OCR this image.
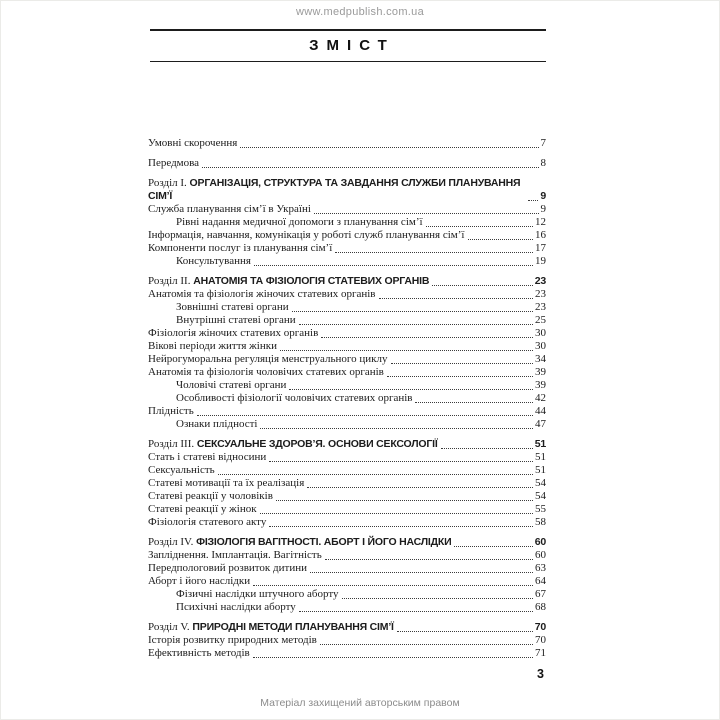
www.medpublish.com.ua
ЗМІСТ
Умовні скорочення	7
Передмова	8
Розділ I. ОРГАНІЗАЦІЯ, СТРУКТУРА ТА ЗАВДАННЯ СЛУЖБИ ПЛАНУВАННЯ СІМ’Ї	9
Служба планування сім’ї в Україні	9
Рівні надання медичної допомоги з планування сім’ї	12
Інформація, навчання, комунікація у роботі служб планування сім’ї	16
Компоненти послуг із планування сім’ї	17
Консультування	19
Розділ II. АНАТОМІЯ ТА ФІЗІОЛОГІЯ СТАТЕВИХ ОРГАНІВ	23
Анатомія та фізіологія жіночих статевих органів	23
Зовнішні статеві органи	23
Внутрішні статеві органи	25
Фізіологія жіночих статевих органів	30
Вікові періоди життя жінки	30
Нейрогуморальна регуляція менструального циклу	34
Анатомія та фізіологія чоловічих статевих органів	39
Чоловічі статеві органи	39
Особливості фізіології чоловічих статевих органів	42
Плідність	44
Ознаки плідності	47
Розділ III. СЕКСУАЛЬНЕ ЗДОРОВ’Я. ОСНОВИ СЕКСОЛОГІЇ	51
Стать і статеві відносини	51
Сексуальність	51
Статеві мотивації та їх реалізація	54
Статеві реакції у чоловіків	54
Статеві реакції у жінок	55
Фізіологія статевого акту	58
Розділ IV. ФІЗІОЛОГІЯ ВАГІТНОСТІ. АБОРТ І ЙОГО НАСЛІДКИ	60
Запліднення. Імплантація. Вагітність	60
Передпологовий розвиток дитини	63
Аборт і його наслідки	64
Фізичні наслідки штучного аборту	67
Психічні наслідки аборту	68
Розділ V. ПРИРОДНІ МЕТОДИ ПЛАНУВАННЯ СІМ’Ї	70
Історія розвитку природних методів	70
Ефективність методів	71
3
Матеріал захищений авторським правом
